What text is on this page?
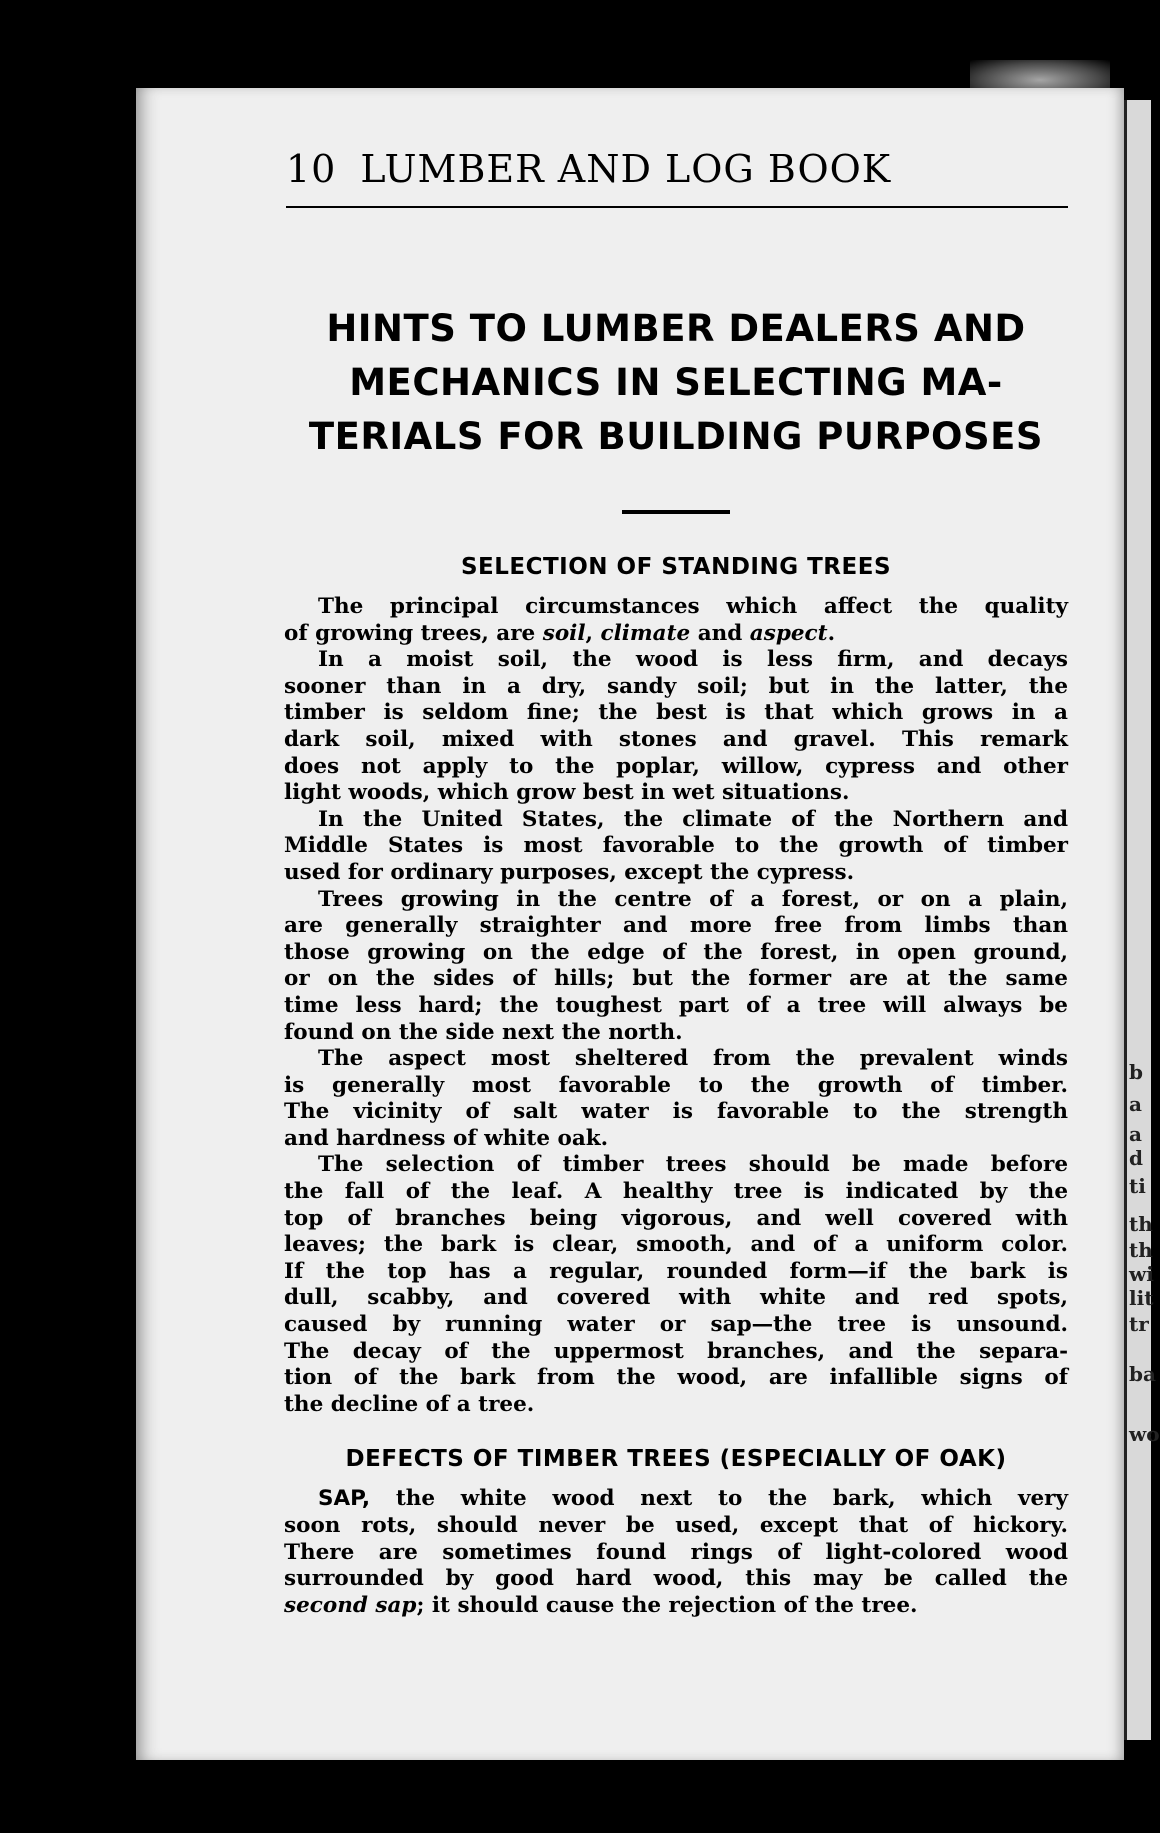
b
a
a
d
ti
th
th
wi
lit
tr
ba
wo
10 LUMBER AND LOG BOOK
HINTS TO LUMBER DEALERS AND
MECHANICS IN SELECTING MA-
TERIALS FOR BUILDING PURPOSES
SELECTION OF STANDING TREES
The principal circumstances which affect the quality
of growing trees, are soil, climate and aspect.
In a moist soil, the wood is less firm, and decays
sooner than in a dry, sandy soil; but in the latter, the
timber is seldom fine; the best is that which grows in a
dark soil, mixed with stones and gravel. This remark
does not apply to the poplar, willow, cypress and other
light woods, which grow best in wet situations.
In the United States, the climate of the Northern and
Middle States is most favorable to the growth of timber
used for ordinary purposes, except the cypress.
Trees growing in the centre of a forest, or on a plain,
are generally straighter and more free from limbs than
those growing on the edge of the forest, in open ground,
or on the sides of hills; but the former are at the same
time less hard; the toughest part of a tree will always be
found on the side next the north.
The aspect most sheltered from the prevalent winds
is generally most favorable to the growth of timber.
The vicinity of salt water is favorable to the strength
and hardness of white oak.
The selection of timber trees should be made before
the fall of the leaf. A healthy tree is indicated by the
top of branches being vigorous, and well covered with
leaves; the bark is clear, smooth, and of a uniform color.
If the top has a regular, rounded form—if the bark is
dull, scabby, and covered with white and red spots,
caused by running water or sap—the tree is unsound.
The decay of the uppermost branches, and the separa-
tion of the bark from the wood, are infallible signs of
the decline of a tree.
DEFECTS OF TIMBER TREES (ESPECIALLY OF OAK)
SAP, the white wood next to the bark, which very
soon rots, should never be used, except that of hickory.
There are sometimes found rings of light-colored wood
surrounded by good hard wood, this may be called the
second sap; it should cause the rejection of the tree.
